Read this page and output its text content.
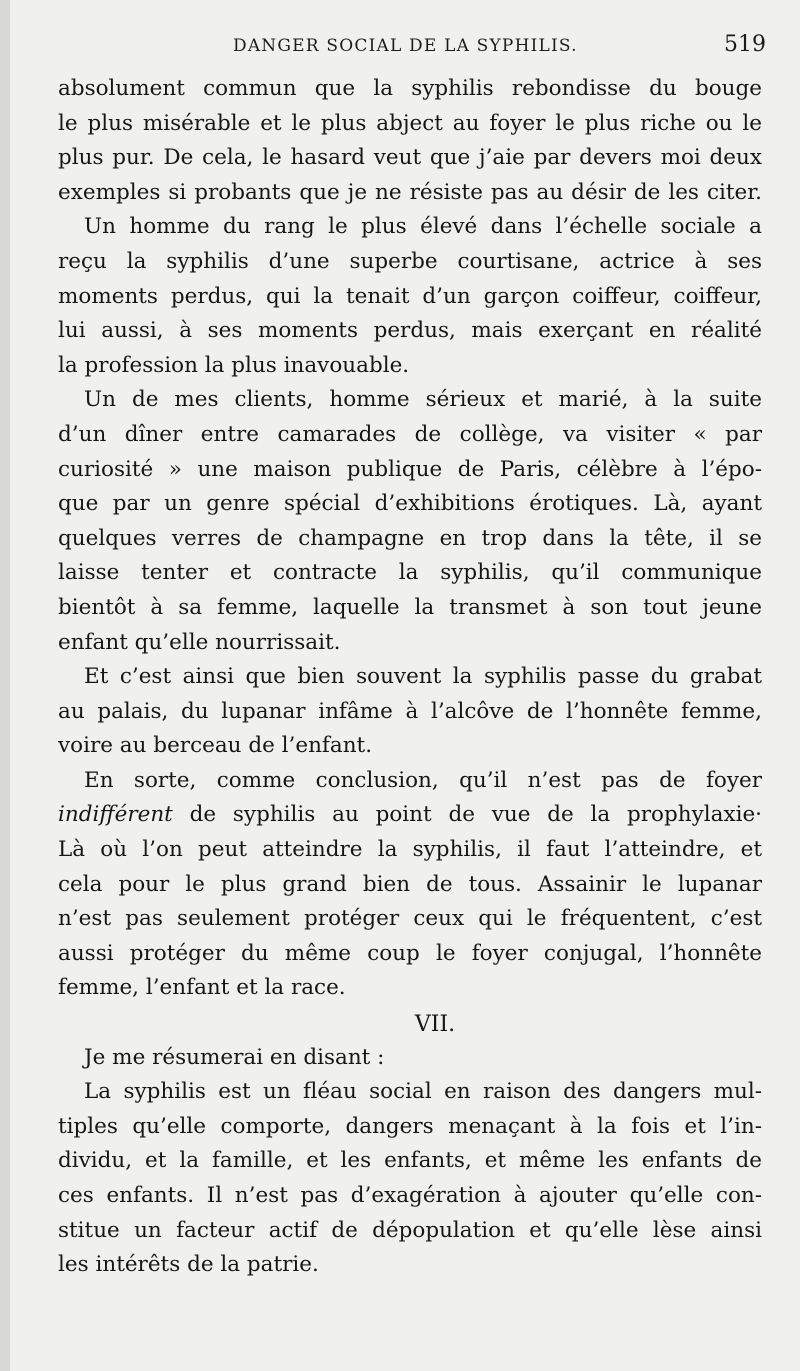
DANGER SOCIAL DE LA SYPHILIS.	519
absolument commun que la syphilis rebondisse du bouge
le plus misérable et le plus abject au foyer le plus riche ou le
plus pur. De cela, le hasard veut que j’aie par devers moi deux
exemples si probants que je ne résiste pas au désir de les citer.
Un homme du rang le plus élevé dans l’échelle sociale a
reçu la syphilis d’une superbe courtisane, actrice à ses
moments perdus, qui la tenait d’un garçon coiffeur, coiffeur,
lui aussi, à ses moments perdus, mais exerçant en réalité
la profession la plus inavouable.
Un de mes clients, homme sérieux et marié, à la suite
d’un dîner entre camarades de collège, va visiter « par
curiosité » une maison publique de Paris, célèbre à l’épo-
que par un genre spécial d’exhibitions érotiques. Là, ayant
quelques verres de champagne en trop dans la tête, il se
laisse tenter et contracte la syphilis, qu’il communique
bientôt à sa femme, laquelle la transmet à son tout jeune
enfant qu’elle nourrissait.
Et c’est ainsi que bien souvent la syphilis passe du grabat
au palais, du lupanar infâme à l’alcôve de l’honnête femme,
voire au berceau de l’enfant.
En sorte, comme conclusion, qu’il n’est pas de foyer
indifférent de syphilis au point de vue de la prophylaxie·
Là où l’on peut atteindre la syphilis, il faut l’atteindre, et
cela pour le plus grand bien de tous. Assainir le lupanar
n’est pas seulement protéger ceux qui le fréquentent, c’est
aussi protéger du même coup le foyer conjugal, l’honnête
femme, l’enfant et la race.
VII.
Je me résumerai en disant :
La syphilis est un fléau social en raison des dangers mul-
tiples qu’elle comporte, dangers menaçant à la fois et l’in-
dividu, et la famille, et les enfants, et même les enfants de
ces enfants. Il n’est pas d’exagération à ajouter qu’elle con-
stitue un facteur actif de dépopulation et qu’elle lèse ainsi
les intérêts de la patrie.
